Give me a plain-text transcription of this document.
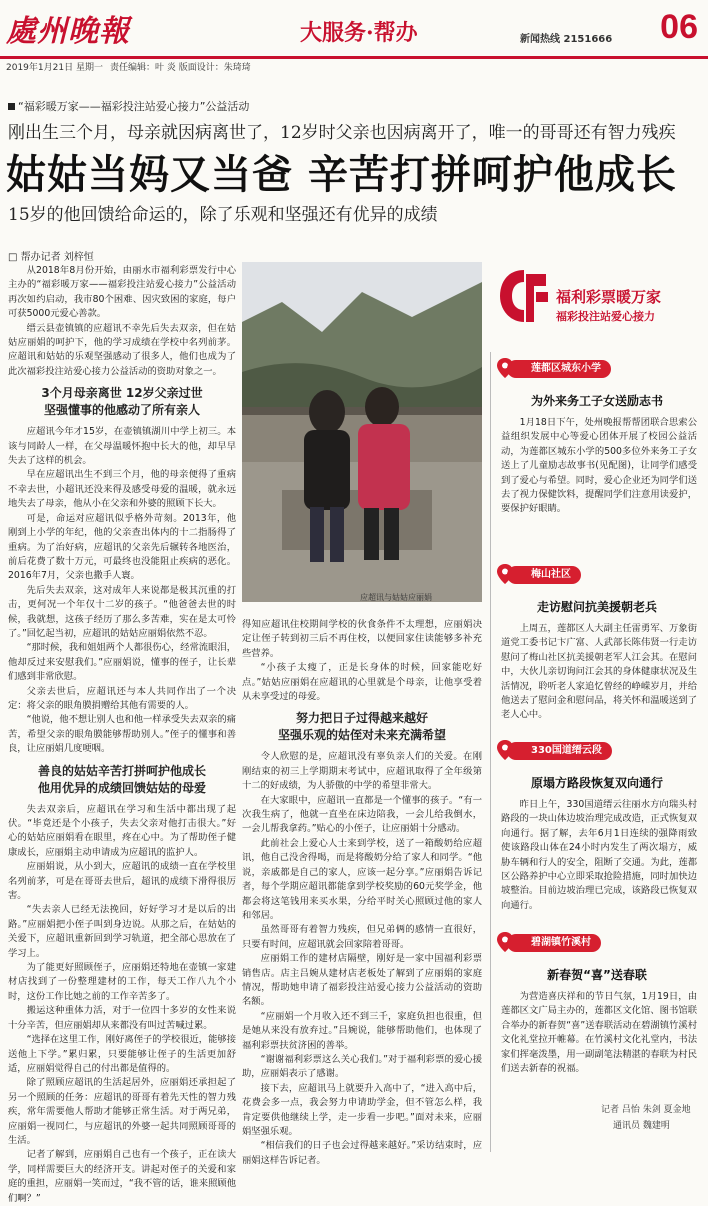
處州晚報	大服务·帮办	新闻热线 2151666 06
2019年1月21日 星期一 责任编辑：叶 炎 版面设计：朱琦琦
“福彩暖万家——福彩投注站爱心接力”公益活动
刚出生三个月，母亲就因病离世了，12岁时父亲也因病离开了，唯一的哥哥还有智力残疾
姑姑当妈又当爸 辛苦打拼呵护他成长
15岁的他回馈给命运的，除了乐观和坚强还有优异的成绩
□ 帮办记者 刘梓恒

从2018年8月份开始，由丽水市福利彩票发行中心主办的“福彩暖万家——福彩投注站爱心接力”公益活动再次如约启动，我市80个困难、因灾致困的家庭，每户可获5000元爱心善款。

缙云县壶镇镇的应超讯不幸先后失去双亲，但在姑姑应丽娟的呵护下，他的学习成绩在学校中名列前茅。应超讯和姑姑的乐观坚强感动了很多人，他们也成为了此次福彩投注站爱心接力公益活动的资助对象之一。

3个月母亲离世 12岁父亲过世
坚强懂事的他感动了所有亲人

应超讯今年才15岁，在壶镇镇湖川中学上初三。本该与同龄人一样，在父母温暖怀抱中长大的他，却早早失去了这样的机会。

早在应超讯出生不到三个月，他的母亲便得了重病不幸去世，小超讯还没来得及感受母爱的温暖，就永远地失去了母亲，他从小在父亲和外婆的照顾下长大。

可是，命运对应超讯似乎格外苛刻。2013年，他刚到上小学的年纪，他的父亲查出体内的十二指肠得了重病。为了治好病，应超讯的父亲先后辗转各地医治，前后花费了数十万元，可最终也没能阻止疾病的恶化。2016年7月，父亲也撒手人寰。

先后失去双亲，这对成年人来说都是极其沉重的打击，更何况一个年仅十二岁的孩子。“他爸爸去世的时候，我就想，这孩子经历了那么多苦难，实在是太可怜了。”回忆起当初，应超讯的姑姑应丽娟依然不忍。

“那时候，我和姐姐两个人都很伤心，经常流眼泪，他却反过来安慰我们。”应丽娟说，懂事的侄子，让长辈们感到非常欣慰。

父亲去世后，应超讯还与本人共同作出了一个决定：将父亲的眼角膜捐赠给其他有需要的人。

“他说，他不想让别人也和他一样承受失去双亲的痛苦，希望父亲的眼角膜能够帮助别人。”侄子的懂事和善良，让应丽娟几度哽咽。

善良的姑姑辛苦打拼呵护他成长
他用优异的成绩回馈姑姑的母爱

失去双亲后，应超讯在学习和生活中都出现了起伏。“毕竟还是个小孩子，失去父亲对他打击很大。”好心的姑姑应丽娟看在眼里，疼在心中。为了帮助侄子健康成长，应丽娟主动申请成为应超讯的监护人。

应丽娟说，从小到大，应超讯的成绩一直在学校里名列前茅，可是在哥哥去世后，超讯的成绩下滑得很厉害。

“失去亲人已经无法挽回，好好学习才是以后的出路。”应丽娟把小侄子叫到身边说。从那之后，在姑姑的关爱下，应超讯重新回到学习轨道，把全部心思放在了学习上。

为了能更好照顾侄子，应丽娟还特地在壶镇一家建材店找到了一份整理建材的工作，每天工作八九个小时，这份工作比她之前的工作辛苦多了。

搬运这种重体力活，对于一位四十多岁的女性来说十分辛苦，但应丽娟却从来都没有叫过苦喊过累。

“选择在这里工作，刚好离侄子的学校很近，能够接送他上下学。”累归累，只要能够让侄子的生活更加舒适，应丽娟觉得自己的付出都是值得的。

除了照顾应超讯的生活起居外，应丽娟还承担起了另一个照顾的任务：应超讯的哥哥有着先天性的智力残疾，常年需要他人帮助才能够正常生活。对于两兄弟，应丽娟一视同仁，与应超讯的外婆一起共同照顾哥哥的生活。

记者了解到，应丽娟自己也有一个孩子，正在读大学，同样需要巨大的经济开支。讲起对侄子的关爱和家庭的重担，应丽娟一笑而过，“我不管的话，谁来照顾他们啊？”

应超讯与姑姑应丽娟

得知应超讯住校期间学校的伙食条件不太理想，应丽娟决定让侄子转到初三后不再住校，以便回家住读能够多补充些营养。

“小孩子太瘦了，正是长身体的时候，回家能吃好点。”姑姑应丽娟在应超讯的心里就是个母亲，让他享受着从未享受过的母爱。

努力把日子过得越来越好
坚强乐观的姑侄对未来充满希望

令人欣慰的是，应超讯没有辜负亲人们的关爱。在刚刚结束的初三上学期期末考试中，应超讯取得了全年级第十二的好成绩，为人骄傲的中学的希望非常大。

在大家眼中，应超讯一直都是一个懂事的孩子。“有一次我生病了，他就一直坐在床边陪我，一会儿给我倒水，一会儿帮我拿药。”贴心的小侄子，让应丽娟十分感动。

此前社会上爱心人士来到学校，送了一箱酸奶给应超讯，他自己没舍得喝，而是将酸奶分给了家人和同学。“他说，亲戚都是自己的家人，应该一起分享。”应丽娟告诉记者，每个学期应超讯都能拿到学校奖励的60元奖学金，他都会将这笔钱用来买水果，分给平时关心照顾过他的家人和邻居。

虽然哥哥有着智力残疾，但兄弟俩的感情一直很好，只要有时间，应超讯就会回家陪着哥哥。

应丽娟工作的建材店隔壁，刚好是一家中国福利彩票销售店。店主吕婉从建材店老板处了解到了应丽娟的家庭情况，帮助她申请了福彩投注站爱心接力公益活动的资助名额。

“应丽娟一个月收入还不到三千，家庭负担也很重，但是她从来没有放弃过。”吕婉说，能够帮助他们，也体现了福利彩票扶贫济困的善举。

“谢谢福利彩票这么关心我们。”对于福利彩票的爱心援助，应丽娟表示了感谢。

接下去，应超讯马上就要升入高中了，“进入高中后，花费会多一点，我会努力申请助学金，但不管怎么样，我肯定要供他继续上学，走一步看一步吧。”面对未来，应丽娟坚强乐观。

“相信我们的日子也会过得越来越好。”采访结束时，应丽娟这样告诉记者。

福利彩票暖万家
福彩投注站爱心接力
莲都区城东小学
为外来务工子女送励志书

1月18日下午，处州晚报帮帮团联合思索公益组织发展中心等爱心团体开展了校园公益活动，为莲都区城东小学的500多位外来务工子女送上了儿童励志故事书(见配图)，让同学们感受到了爱心与希望。同时，爱心企业还为同学们送去了视力保健饮料，提醒同学们注意用读爱护，要保护好眼睛。

梅山社区
走访慰问抗美援朝老兵

上周五，莲都区人大副主任雷勇军、万象街道党工委书记卞广富、人武部长陈伟贤一行走访慰问了梅山社区抗美援朝老军人江会其。在慰问中，大伙儿亲切询问江会其的身体健康状况及生活情况，聆听老人家追忆曾经的峥嵘岁月，并给他送去了慰问金和慰问品，将关怀和温暖送到了老人心中。

330国道缙云段
原塌方路段恢复双向通行

昨日上午，330国道缙云往丽水方向瑞头村路段的一块山体边坡治理完成改造，正式恢复双向通行。据了解，去年6月1日连续的强降雨致使该路段山体在24小时内发生了两次塌方，威胁车辆和行人的安全，阻断了交通。为此，莲都区公路养护中心立即采取抢险措施，同时加快边坡整治。目前边坡治理已完成，该路段已恢复双向通行。

碧湖镇竹溪村
新春贺“喜”送春联

为营造喜庆祥和的节日气氛，1月19日，由莲都区文广局主办的，莲都区文化馆、图书馆联合举办的新春贺“喜”送春联活动在碧湖镇竹溪村文化礼堂拉开帷幕。在竹溪村文化礼堂内，书法家们挥毫泼墨，用一副副笔法精湛的春联为村民们送去新春的祝福。

记者 吕怡 朱剑 夏金地
通讯员 魏建明
